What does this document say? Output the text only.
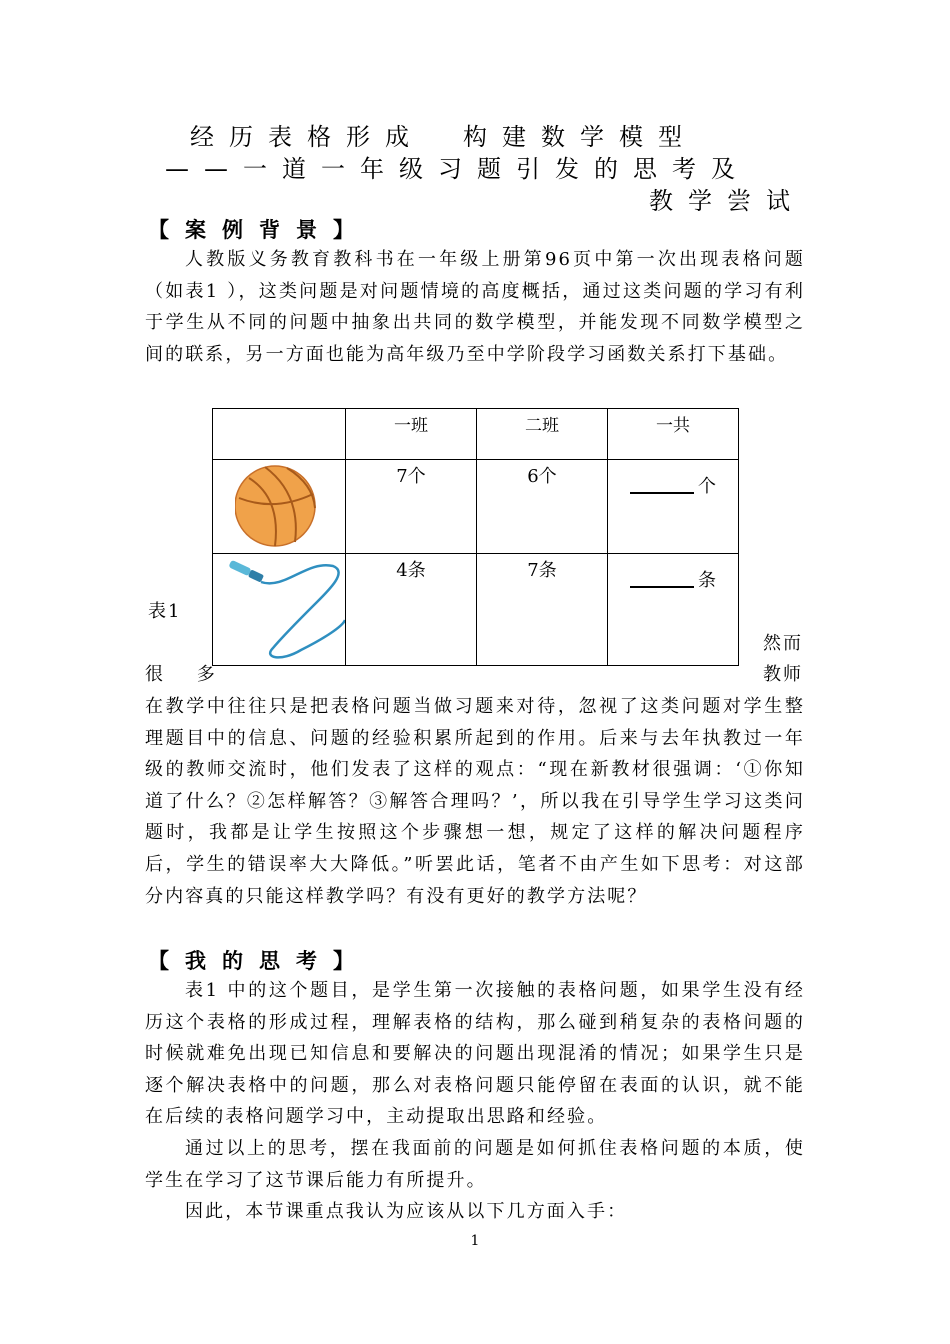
经历表格形成　构建数学模型
——一道一年级习题引发的思考及
教学尝试
【案例背景】

人教版义务教育教科书在一年级上册第96页中第一次出现表格问题（如表1 ），这类问题是对问题情境的高度概括，通过这类问题的学习有利于学生从不同的问题中抽象出共同的数学模型，并能发现不同数学模型之间的联系，另一方面也能为高年级乃至中学阶段学习函数关系打下基础。

	一班	二班	一共
	7个	6个	个
	4条	7条	条
表1
然而
很 多	教师

在教学中往往只是把表格问题当做习题来对待，忽视了这类问题对学生整理题目中的信息、问题的经验积累所起到的作用。后来与去年执教过一年级的教师交流时，他们发表了这样的观点：“现在新教材很强调：‘①你知道了什么？②怎样解答？③解答合理吗？’，所以我在引导学生学习这类问题时，我都是让学生按照这个步骤想一想，规定了这样的解决问题程序后，学生的错误率大大降低。”听罢此话，笔者不由产生如下思考：对这部分内容真的只能这样教学吗？有没有更好的教学方法呢？

【我的思考】

表1 中的这个题目，是学生第一次接触的表格问题，如果学生没有经历这个表格的形成过程，理解表格的结构，那么碰到稍复杂的表格问题的时候就难免出现已知信息和要解决的问题出现混淆的情况；如果学生只是逐个解决表格中的问题，那么对表格问题只能停留在表面的认识，就不能在后续的表格问题学习中，主动提取出思路和经验。

通过以上的思考，摆在我面前的问题是如何抓住表格问题的本质，使学生在学习了这节课后能力有所提升。

因此，本节课重点我认为应该从以下几方面入手：

1
